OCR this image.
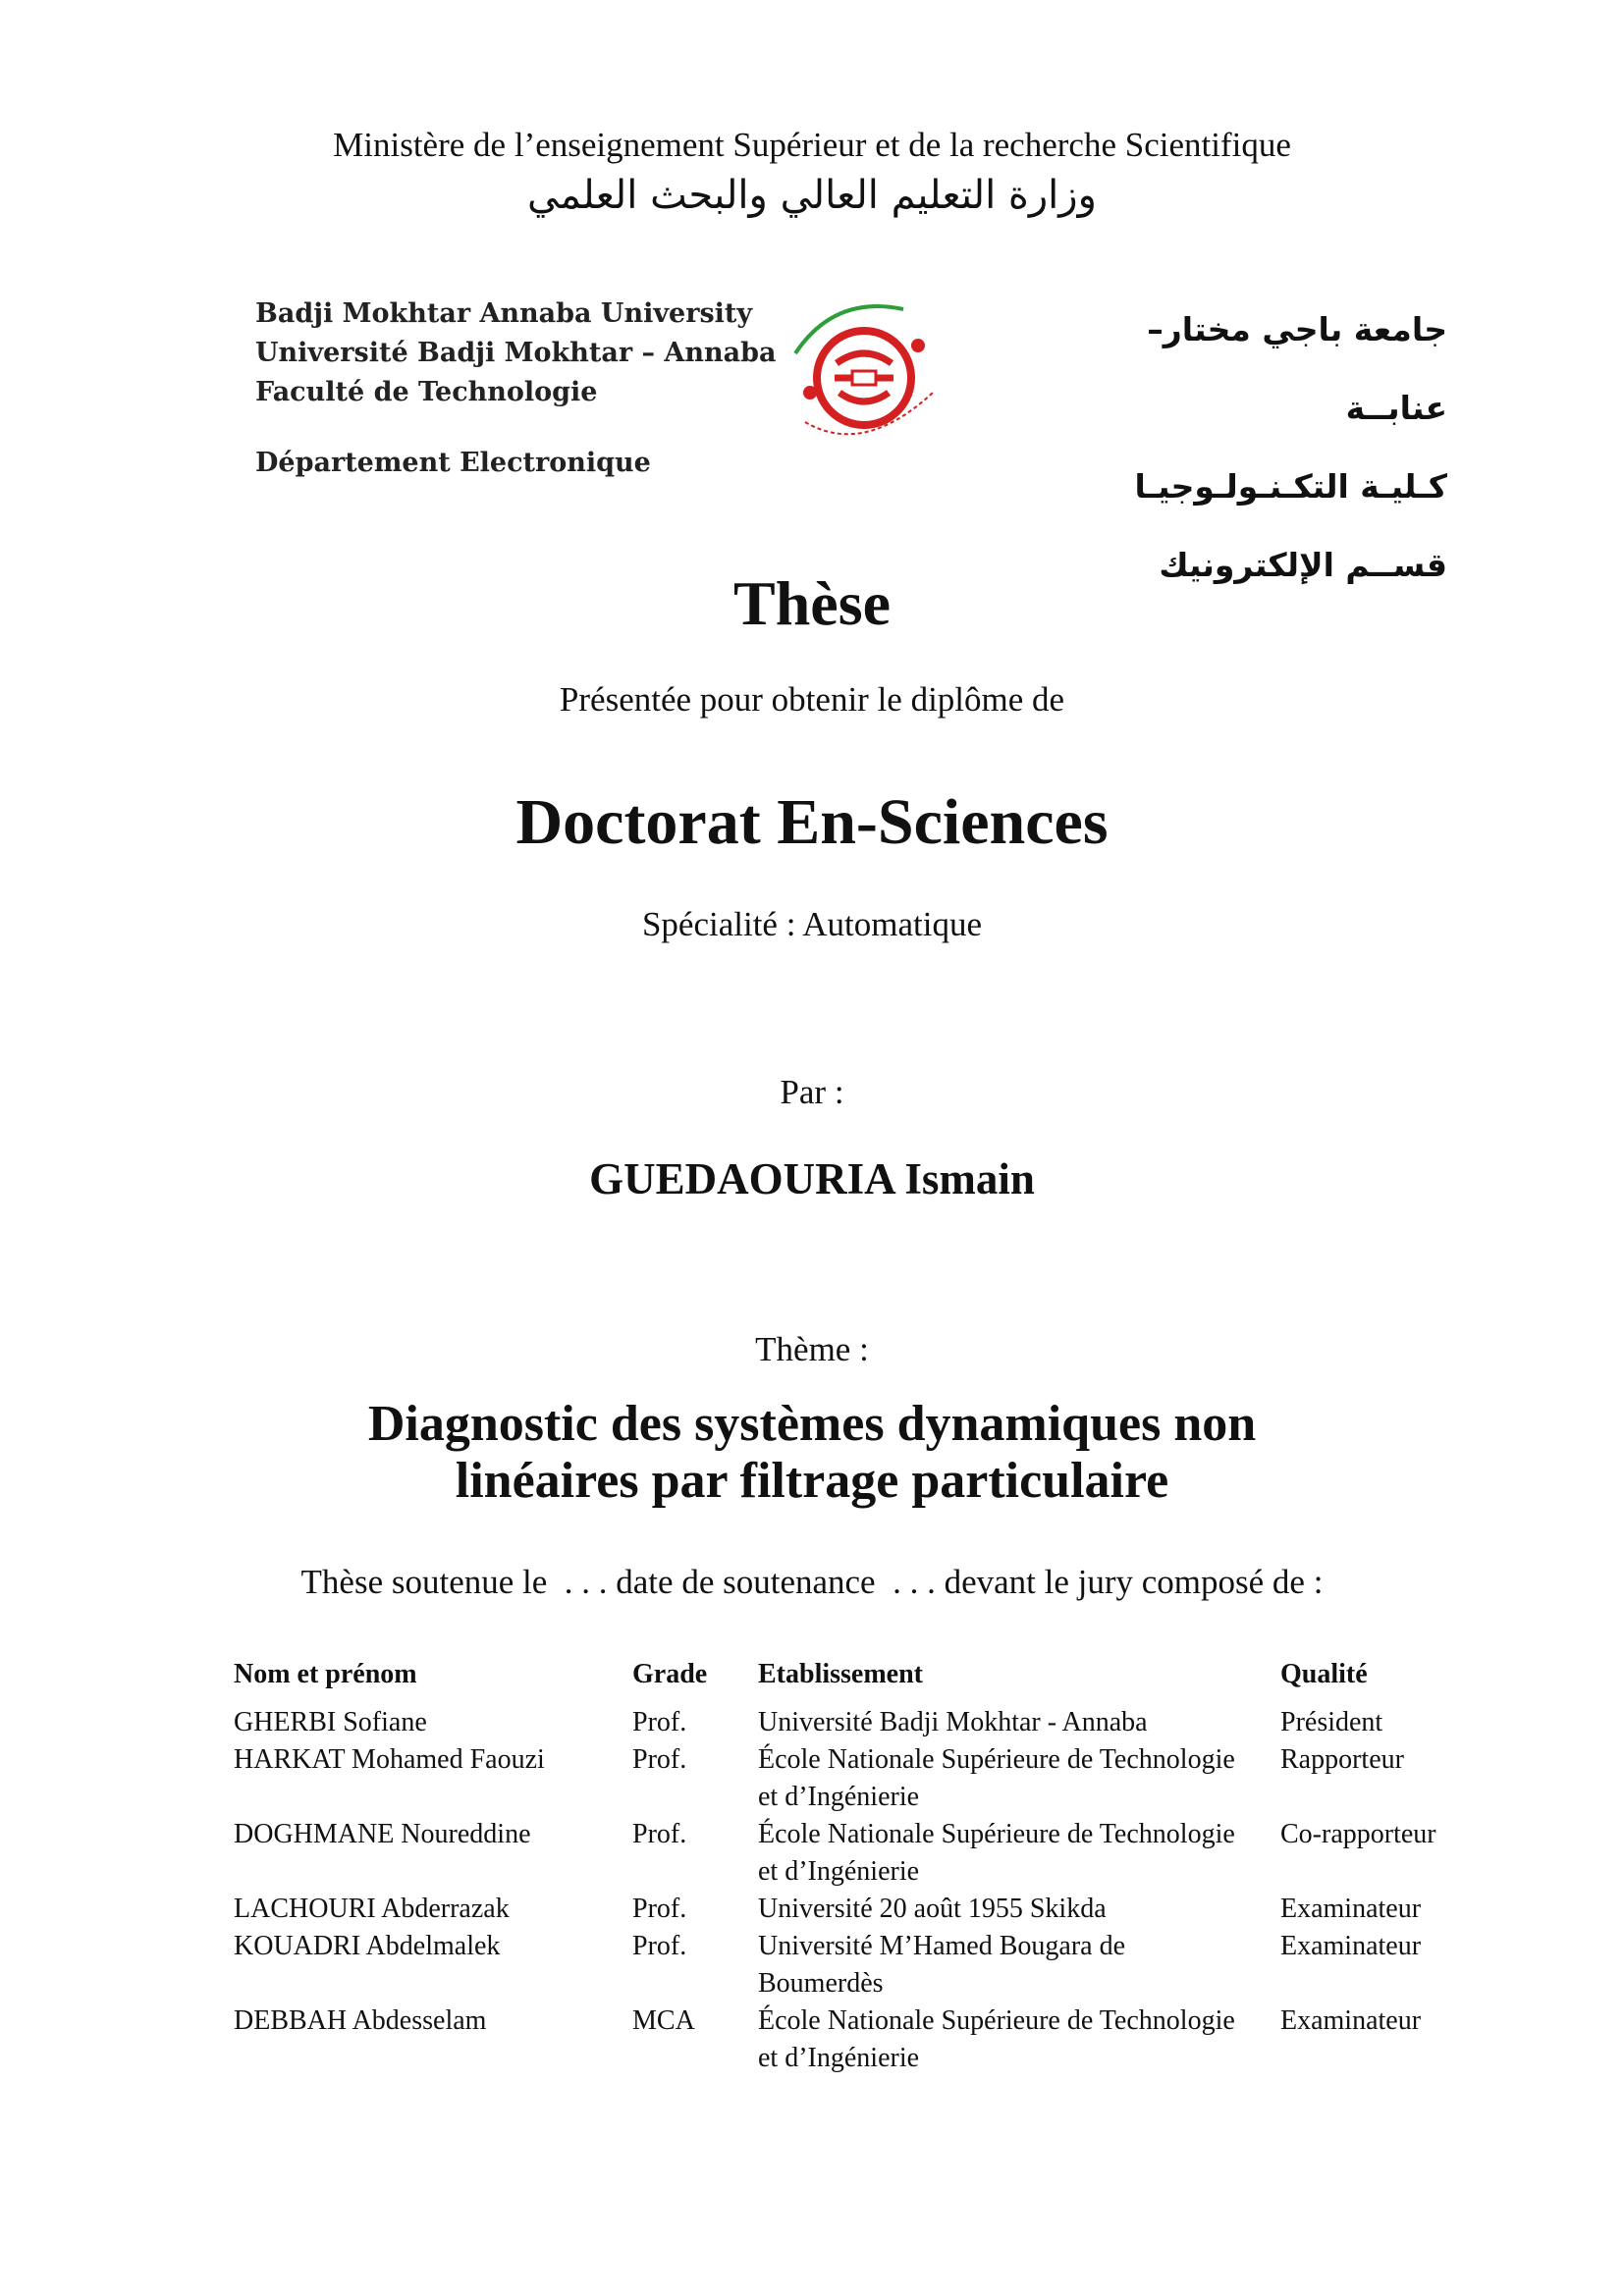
Ministère de l’enseignement Supérieur et de la recherche Scientifique
وزارة التعليم العالي والبحث العلمي
Badji Mokhtar Annaba University
Université Badji Mokhtar – Annaba
Faculté de Technologie
Département Electronique
جامعة باجي مختار– عنابــة
كـليـة التكـنـولـوجيـا
قســم الإلكترونيك
Thèse
Présentée pour obtenir le diplôme de
Doctorat En-Sciences
Spécialité : Automatique
Par :
GUEDAOURIA Ismain
Thème :
Diagnostic des systèmes dynamiques non
linéaires par filtrage particulaire
Thèse soutenue le  . . . date de soutenance  . . . devant le jury composé de :
Nom et prénom	Grade	Etablissement	Qualité
GHERBI Sofiane	Prof.	Université Badji Mokhtar - Annaba	Président
HARKAT Mohamed Faouzi	Prof.	École Nationale Supérieure de Technologie et d’Ingénierie	Rapporteur
DOGHMANE Noureddine	Prof.	École Nationale Supérieure de Technologie et d’Ingénierie	Co-rapporteur
LACHOURI Abderrazak	Prof.	Université 20 août 1955 Skikda	Examinateur
KOUADRI Abdelmalek	Prof.	Université M’Hamed Bougara de Boumerdès	Examinateur
DEBBAH Abdesselam	MCA	École Nationale Supérieure de Technologie et d’Ingénierie	Examinateur
